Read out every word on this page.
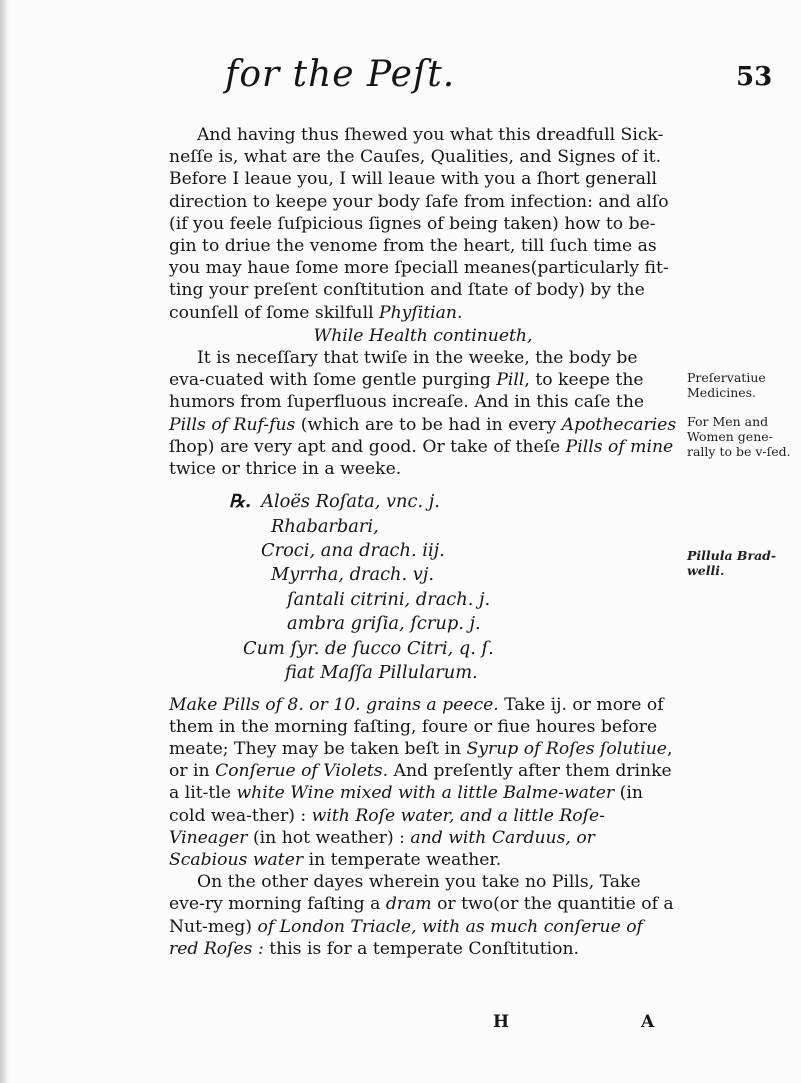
for the Peſt.	53

And having thus ſhewed you what this dreadfull Sick-neſſe is, what are the Cauſes, Qualities, and Signes of it. Before I leaue you, I will leaue with you a ſhort generall direction to keepe your body ſafe from infection: and alſo (if you feele ſuſpicious ſignes of being taken) how to be-gin to driue the venome from the heart, till ſuch time as you may haue ſome more ſpeciall meanes(particularly fit-ting your preſent conſtitution and ſtate of body) by the counſell of ſome skilfull Phyſitian.

While Health continueth,

It is neceſſary that twiſe in the weeke, the body be eva-cuated with ſome gentle purging Pill, to keepe the humors from ſuperfluous increaſe. And in this caſe the Pills of Ruf-fus (which are to be had in every Apothecaries ſhop) are very apt and good. Or take of theſe Pills of mine twice or thrice in a weeke.

℞. Aloës Roſata, vnc. j.
Rhabarbari,
Croci, ana drach. iij.
Myrrha, drach. vj.
ſantali citrini, drach. j.
ambra griſia, ſcrup. j.
Cum ſyr. de ſucco Citri, q. ſ.
fiat Maſſa Pillularum.

Make Pills of 8. or 10. grains a peece. Take ij. or more of them in the morning faſting, foure or fiue houres before meate; They may be taken beſt in Syrup of Roſes ſolutiue, or in Conſerue of Violets. And preſently after them drinke a lit-tle white Wine mixed with a little Balme-water (in cold wea-ther) : with Roſe water, and a little Roſe-Vineager (in hot weather) : and with Carduus, or Scabious water in temperate weather.

On the other dayes wherein you take no Pills, Take eve-ry morning faſting a dram or two(or the quantitie of a Nut-meg) of London Triacle, with as much conſerue of red Roſes : this is for a temperate Conſtitution.

Preſervatiue Medicines.
For Men and Women gene-rally to be v-ſed.
Pillula Brad-welli.
H	A
